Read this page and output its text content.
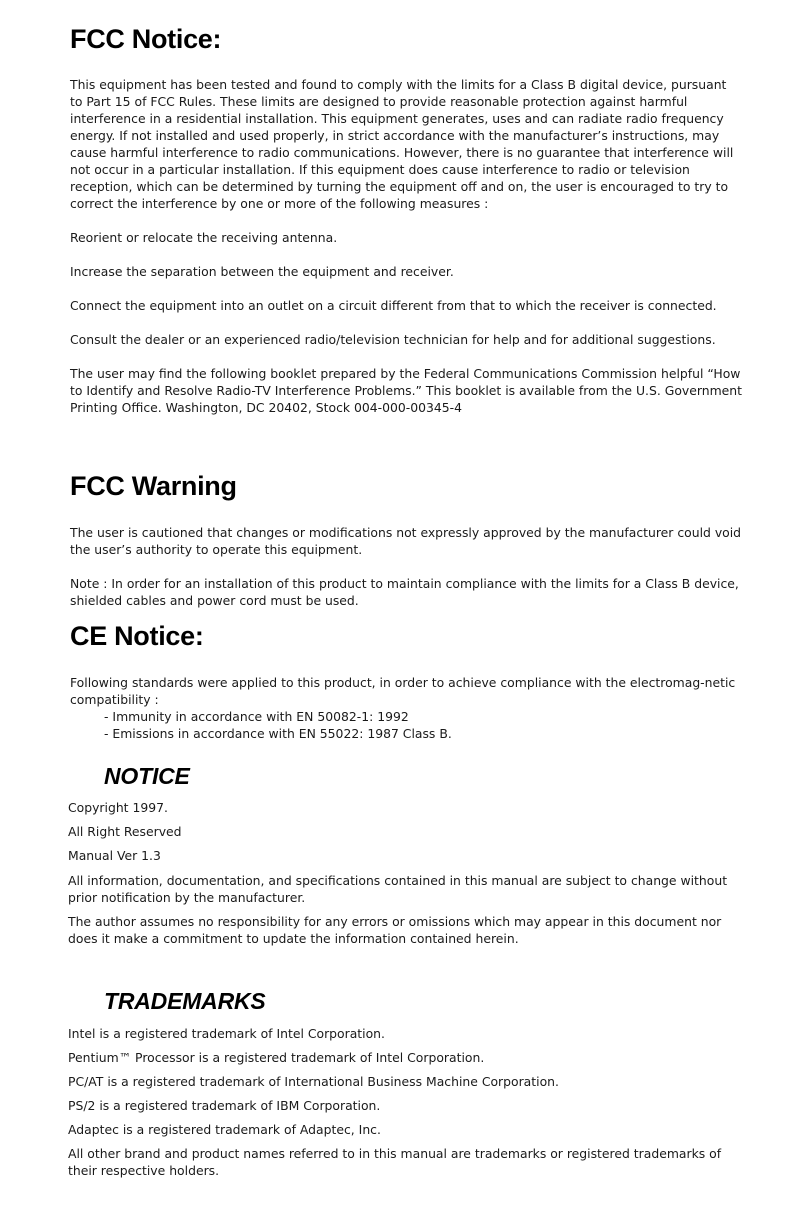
FCC Notice:

This equipment has been tested and found to comply with the limits for a Class B digital device, pursuant to Part 15 of FCC Rules. These limits are designed to provide reasonable protection against harmful interference in a residential installation. This equipment generates, uses and can radiate radio frequency energy. If not installed and used properly, in strict accordance with the manufacturer’s instructions, may cause harmful interference to radio communications. However, there is no guarantee that interference will not occur in a particular installation. If this equipment does cause interference to radio or television reception, which can be determined by turning the equipment off and on, the user is encouraged to try to correct the interference by one or more of the following measures :

Reorient or relocate the receiving antenna.

Increase the separation between the equipment and receiver.

Connect the equipment into an outlet on a circuit different from that to which the receiver is connected.

Consult the dealer or an experienced radio/television technician for help and for additional suggestions.

The user may find the following booklet prepared by the Federal Communications Commission helpful “How to Identify and Resolve Radio-TV Interference Problems.” This booklet is available from the U.S. Government Printing Office. Washington, DC 20402, Stock 004-000-00345-4

FCC Warning

The user is cautioned that changes or modifications not expressly approved by the manufacturer could void the user’s authority to operate this equipment.

Note : In order for an installation of this product to maintain compliance with the limits for a Class B device, shielded cables and power cord must be used.

CE Notice:

Following standards were applied to this product, in order to achieve compliance with the electromag-netic compatibility :

- Immunity in accordance with EN 50082-1: 1992

- Emissions in accordance with EN 55022: 1987 Class B.

NOTICE

Copyright 1997.

All Right Reserved

Manual Ver 1.3

All information, documentation, and specifications contained in this manual are subject to change without prior notification by the manufacturer.

The author assumes no responsibility for any errors or omissions which may appear in this document nor does it make a commitment to update the information contained herein.

TRADEMARKS

Intel is a registered trademark of Intel Corporation.

Pentium™ Processor is a registered trademark of Intel Corporation.

PC/AT is a registered trademark of International Business Machine Corporation.

PS/2 is a registered trademark of IBM Corporation.

Adaptec is a registered trademark of Adaptec, Inc.

All other brand and product names referred to in this manual are trademarks or registered trademarks of their respective holders.
